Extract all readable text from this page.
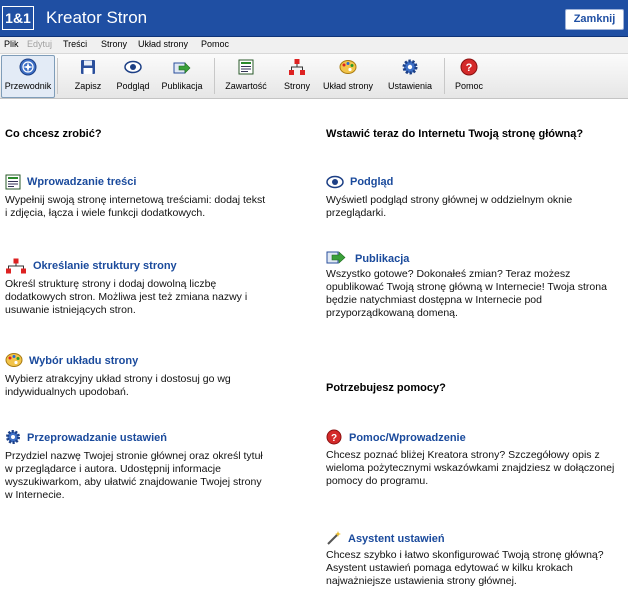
1&1 Kreator Stron	Zamknij
Plik Edytuj Treści Strony Układ strony Pomoc
Przewodnik	Zapisz	Podgląd	Publikacja	Zawartość	Strony	Układ strony	Ustawienia
?
Pomoc
Co chcesz zrobić?
Wprowadzanie treści
Wypełnij swoją stronę internetową treściami: dodaj tekst
i zdjęcia, łącza i wiele funkcji dodatkowych.
Określanie struktury strony
Określ strukturę strony i dodaj dowolną liczbę
dodatkowych stron. Możliwa jest też zmiana nazwy i
usuwanie istniejących stron.
Wybór układu strony
Wybierz atrakcyjny układ strony i dostosuj go wg
indywidualnych upodobań.
Przeprowadzanie ustawień
Przydziel nazwę Twojej stronie głównej oraz określ tytuł
w przeglądarce i autora. Udostępnij informacje
wyszukiwarkom, aby ułatwić znajdowanie Twojej strony
w Internecie.
Wstawić teraz do Internetu Twoją stronę główną?
Podgląd
Wyświetl podgląd strony głównej w oddzielnym oknie
przeglądarki.
Publikacja
Wszystko gotowe? Dokonałeś zmian? Teraz możesz
opublikować Twoją stronę główną w Internecie! Twoja strona
będzie natychmiast dostępna w Internecie pod
przyporządkowaną domeną.
Potrzebujesz pomocy?
? Pomoc/Wprowadzenie
Chcesz poznać bliżej Kreatora strony? Szczegółowy opis z
wieloma pożytecznymi wskazówkami znajdziesz w dołączonej
pomocy do programu.
Asystent ustawień
Chcesz szybko i łatwo skonfigurować Twoją stronę główną?
Asystent ustawień pomaga edytować w kilku krokach
najważniejsze ustawienia strony głównej.
